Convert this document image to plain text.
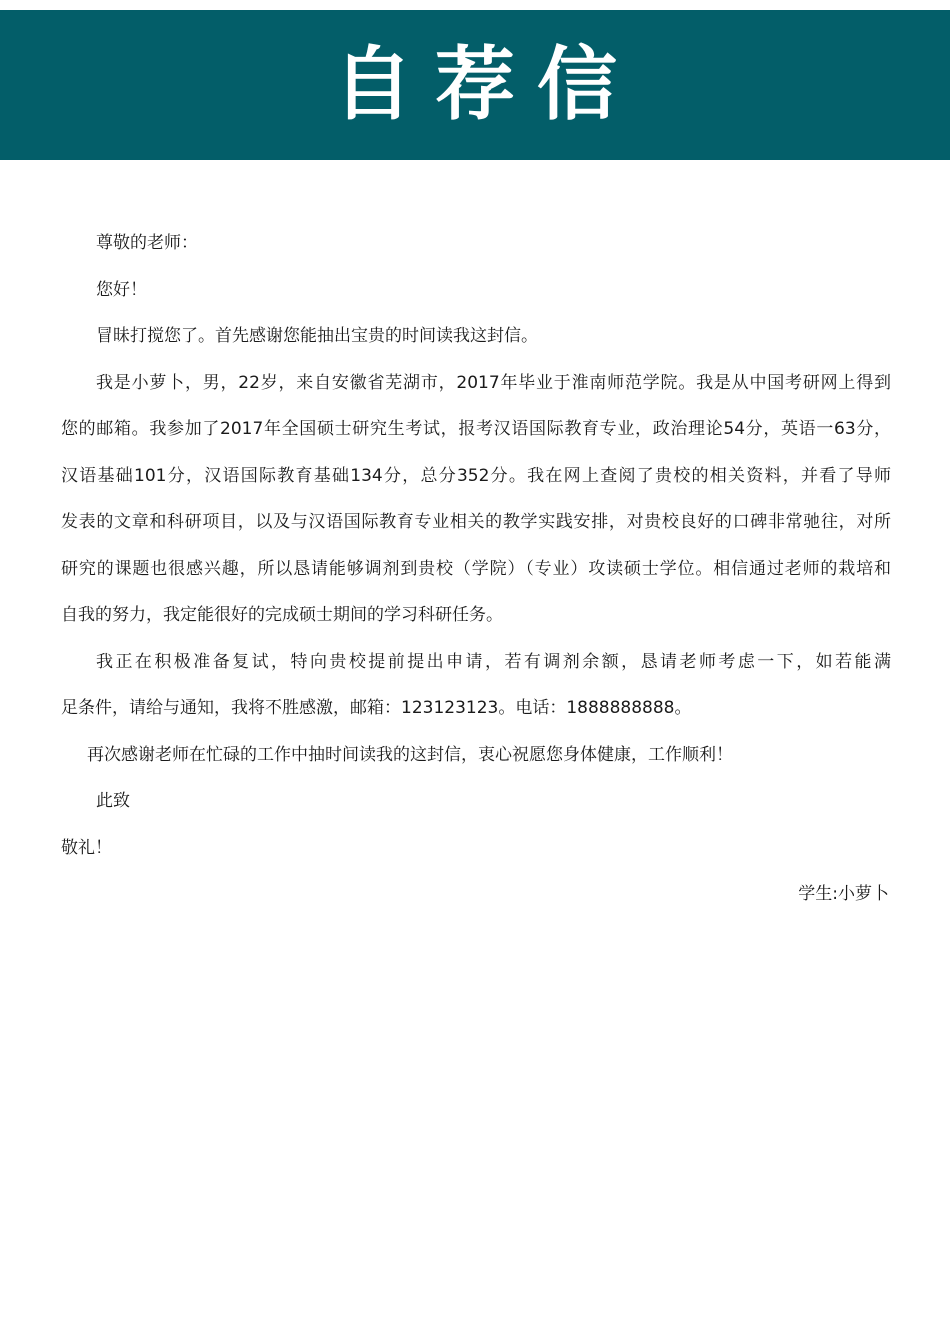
自荐信

尊敬的老师：

您好！

冒昧打搅您了。首先感谢您能抽出宝贵的时间读我这封信。

我是小萝卜，男，22岁，来自安徽省芜湖市，2017年毕业于淮南师范学院。我是从中国考研网上得到

您的邮箱。我参加了2017年全国硕士研究生考试，报考汉语国际教育专业，政治理论54分，英语一63分，

汉语基础101分，汉语国际教育基础134分，总分352分。我在网上查阅了贵校的相关资料，并看了导师

发表的文章和科研项目，以及与汉语国际教育专业相关的教学实践安排，对贵校良好的口碑非常驰往，对所

研究的课题也很感兴趣，所以恳请能够调剂到贵校（学院）（专业）攻读硕士学位。相信通过老师的栽培和

自我的努力，我定能很好的完成硕士期间的学习科研任务。

我正在积极准备复试，特向贵校提前提出申请，若有调剂余额，恳请老师考虑一下，如若能满

足条件，请给与通知，我将不胜感激，邮箱：123123123。电话：1888888888。

再次感谢老师在忙碌的工作中抽时间读我的这封信，衷心祝愿您身体健康，工作顺利！

此致

敬礼！

学生:小萝卜
